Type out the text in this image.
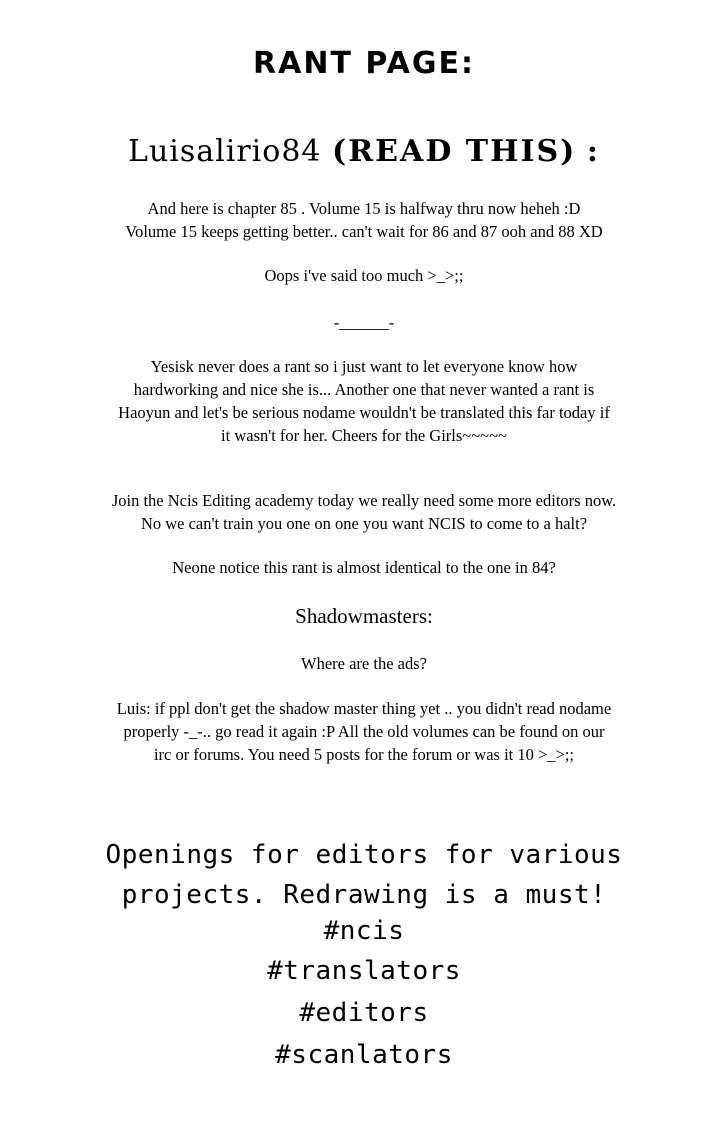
RANT PAGE:
Luisalirio84 (READ THIS) :
And here is chapter 85 . Volume 15 is halfway thru now heheh :D
Volume 15 keeps getting better.. can't wait for 86 and 87 ooh and 88 XD
Oops i've said too much >_>;;
-______-
Yesisk never does a rant so i just want to let everyone know how
hardworking and nice she is... Another one that never wanted a rant is
Haoyun and let's be serious nodame wouldn't be translated this far today if
it wasn't for her. Cheers for the Girls~~~~~
Join the Ncis Editing academy today we really need some more editors now.
No we can't train you one on one you want NCIS to come to a halt?
Neone notice this rant is almost identical to the one in 84?
Shadowmasters:
Where are the ads?
Luis: if ppl don't get the shadow master thing yet .. you didn't read nodame
properly -_-.. go read it again :P All the old volumes can be found on our
irc or forums. You need 5 posts for the forum or was it 10 >_>;;
Openings for editors for various
projects. Redrawing is a must!
#ncis
#translators
#editors
#scanlators
